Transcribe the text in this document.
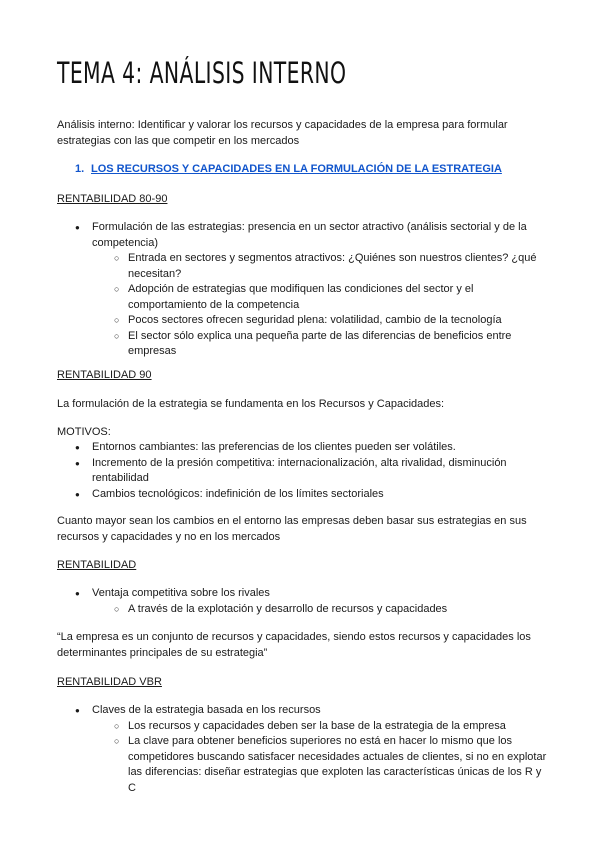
TEMA 4: ANÁLISIS INTERNO

Análisis interno: Identificar y valorar los recursos y capacidades de la empresa para formular estrategias con las que competir en los mercados

1. LOS RECURSOS Y CAPACIDADES EN LA FORMULACIÓN DE LA ESTRATEGIA

RENTABILIDAD 80-90

● Formulación de las estrategias: presencia en un sector atractivo (análisis sectorial y de la competencia)
○ Entrada en sectores y segmentos atractivos: ¿Quiénes son nuestros clientes? ¿qué necesitan?
○ Adopción de estrategias que modifiquen las condiciones del sector y el comportamiento de la competencia
○ Pocos sectores ofrecen seguridad plena: volatilidad, cambio de la tecnología
○ El sector sólo explica una pequeña parte de las diferencias de beneficios entre empresas

RENTABILIDAD 90

La formulación de la estrategia se fundamenta en los Recursos y Capacidades:

MOTIVOS:

● Entornos cambiantes: las preferencias de los clientes pueden ser volátiles.
● Incremento de la presión competitiva: internacionalización, alta rivalidad, disminución rentabilidad
● Cambios tecnológicos: indefinición de los límites sectoriales

Cuanto mayor sean los cambios en el entorno las empresas deben basar sus estrategias en sus recursos y capacidades y no en los mercados

RENTABILIDAD

● Ventaja competitiva sobre los rivales
○ A través de la explotación y desarrollo de recursos y capacidades

“La empresa es un conjunto de recursos y capacidades, siendo estos recursos y capacidades los determinantes principales de su estrategia”

RENTABILIDAD VBR

● Claves de la estrategia basada en los recursos
○ Los recursos y capacidades deben ser la base de la estrategia de la empresa
○ La clave para obtener beneficios superiores no está en hacer lo mismo que los competidores buscando satisfacer necesidades actuales de clientes, si no en explotar las diferencias: diseñar estrategias que exploten las características únicas de los R y C
